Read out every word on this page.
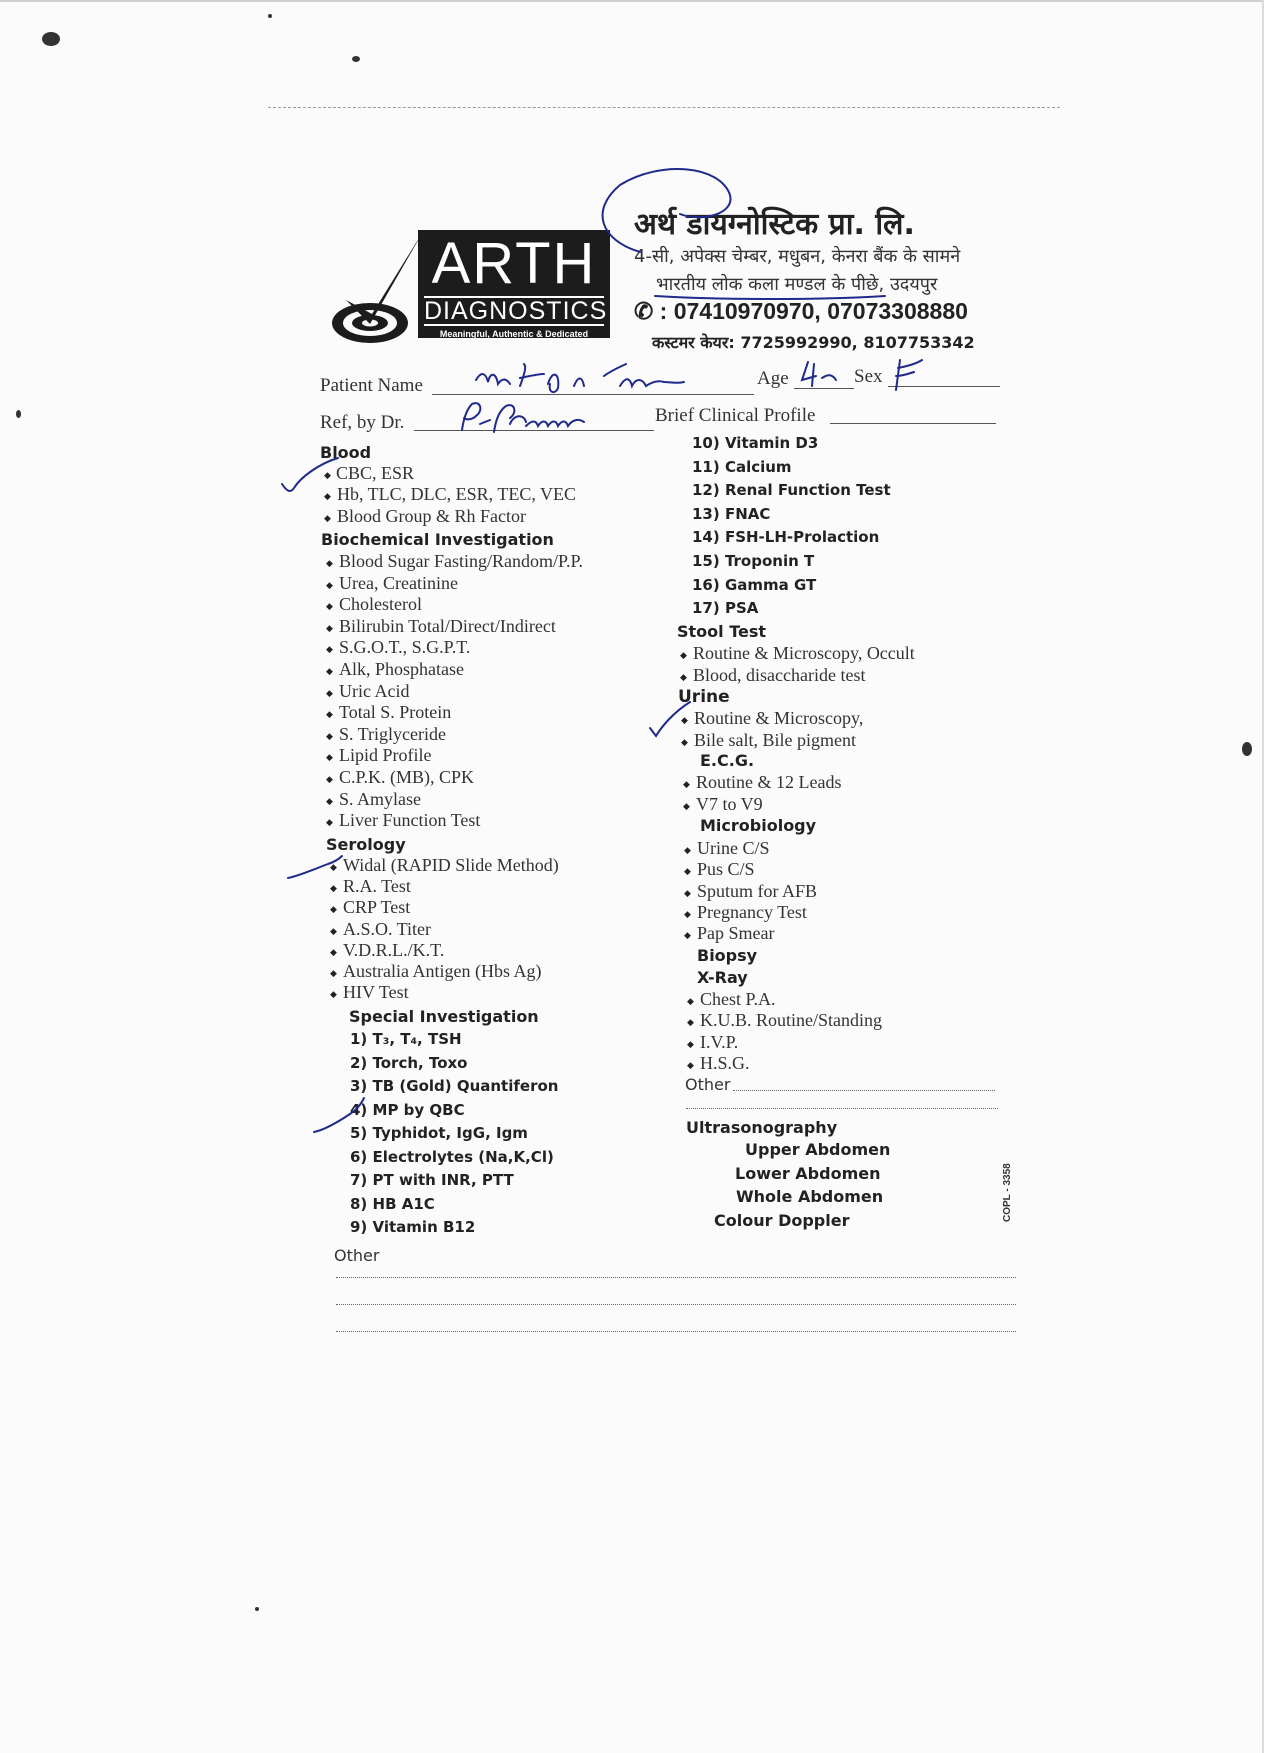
ARTH
DIAGNOSTICS
Meaningful, Authentic & Dedicated
अर्थ डायग्नोस्टिक प्रा. लि.
4-सी, अपेक्स चेम्बर, मधुबन, केनरा बैंक के सामने
भारतीय लोक कला मण्डल के पीछे, उदयपुर
✆ : 07410970970, 07073308880
कस्टमर केयर: 7725992990, 8107753342
Patient Name	Age	Sex
Ref, by Dr.	Brief Clinical Profile
Blood
◆ CBC, ESR
◆ Hb, TLC, DLC, ESR, TEC, VEC
◆ Blood Group & Rh Factor
Biochemical Investigation
◆ Blood Sugar Fasting/Random/P.P.
◆ Urea, Creatinine
◆ Cholesterol
◆ Bilirubin Total/Direct/Indirect
◆ S.G.O.T., S.G.P.T.
◆ Alk, Phosphatase
◆ Uric Acid
◆ Total S. Protein
◆ S. Triglyceride
◆ Lipid Profile
◆ C.P.K. (MB), CPK
◆ S. Amylase
◆ Liver Function Test
Serology
◆ Widal (RAPID Slide Method)
◆ R.A. Test
◆ CRP Test
◆ A.S.O. Titer
◆ V.D.R.L./K.T.
◆ Australia Antigen (Hbs Ag)
◆ HIV Test
Special Investigation
1) T₃, T₄, TSH
2) Torch, Toxo
3) TB (Gold) Quantiferon
4) MP by QBC
5) Typhidot, IgG, Igm
6) Electrolytes (Na,K,Cl)
7) PT with INR, PTT
8) HB A1C
9) Vitamin B12
Other
10) Vitamin D3
11) Calcium
12) Renal Function Test
13) FNAC
14) FSH-LH-Prolaction
15) Troponin T
16) Gamma GT
17) PSA
Stool Test
◆ Routine & Microscopy, Occult
◆ Blood, disaccharide test
Urine
◆ Routine & Microscopy,
◆ Bile salt, Bile pigment
E.C.G.
◆ Routine & 12 Leads
◆ V7 to V9
Microbiology
◆ Urine C/S
◆ Pus C/S
◆ Sputum for AFB
◆ Pregnancy Test
◆ Pap Smear
Biopsy
X-Ray
◆ Chest P.A.
◆ K.U.B. Routine/Standing
◆ I.V.P.
◆ H.S.G.
Other
Ultrasonography
Upper Abdomen
Lower Abdomen
Whole Abdomen
Colour Doppler	COPL - 3358
